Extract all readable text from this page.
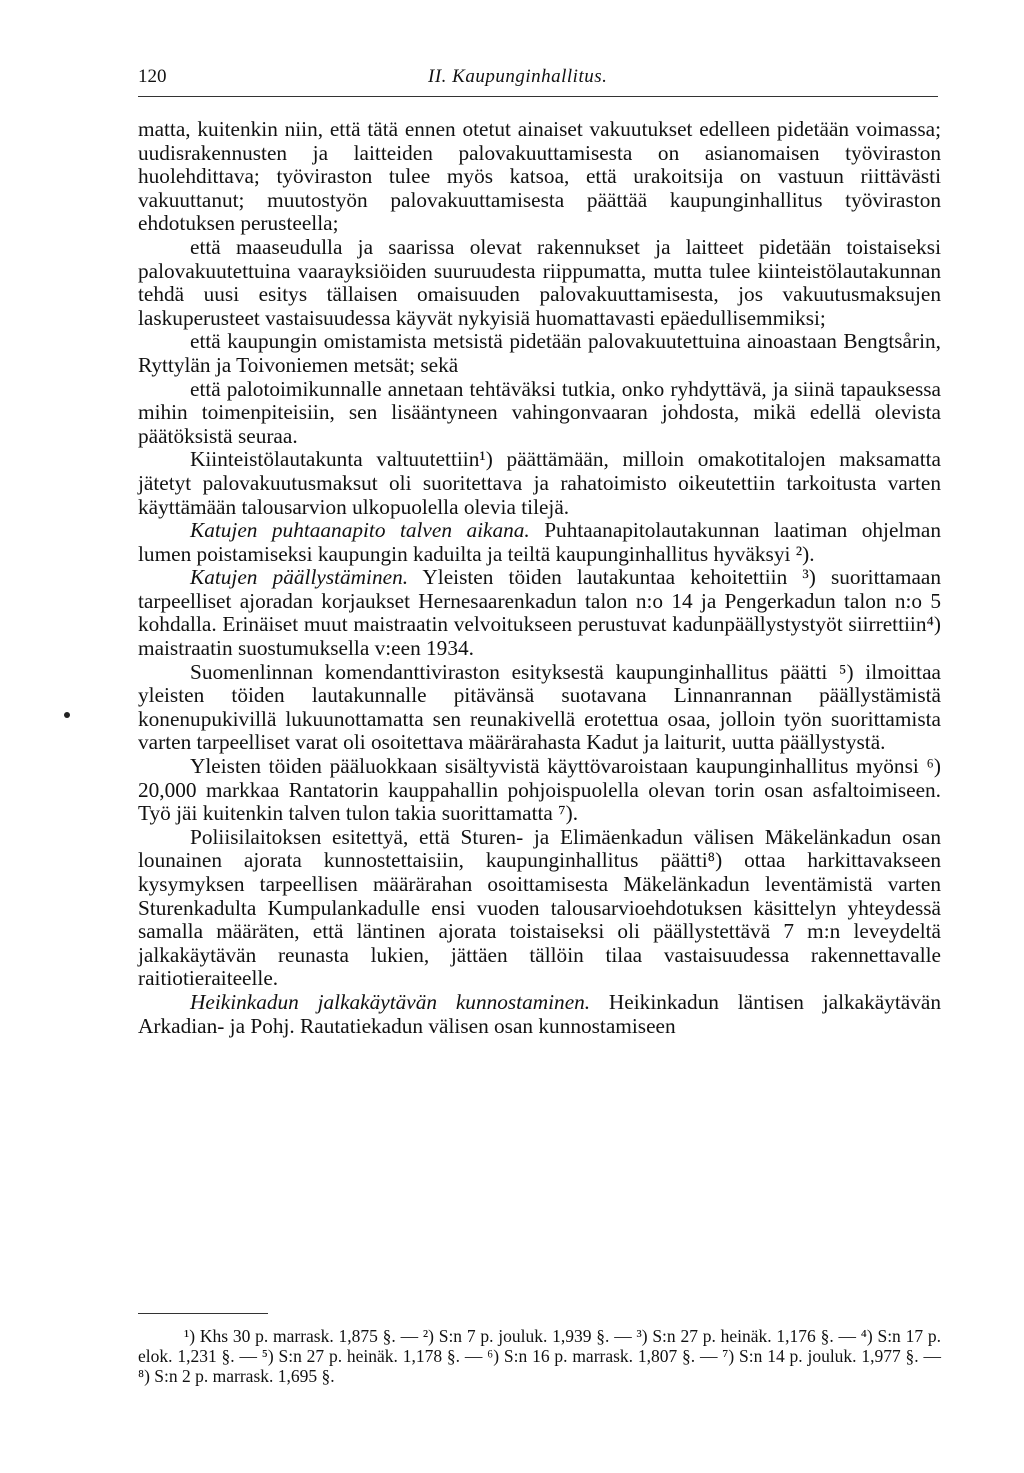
120	II. Kaupunginhallitus.

matta, kuitenkin niin, että tätä ennen otetut ainaiset vakuutukset edelleen pidetään voimassa; uudisrakennusten ja laitteiden palovakuuttamisesta on asianomaisen työviraston huolehdittava; työviraston tulee myös katsoa, että urakoitsija on vastuun riittävästi vakuuttanut; muutostyön palovakuuttamisesta päättää kaupunginhallitus työviraston ehdotuksen perusteella;

että maaseudulla ja saarissa olevat rakennukset ja laitteet pidetään toistaiseksi palovakuutettuina vaarayksiöiden suuruudesta riippumatta, mutta tulee kiinteistölautakunnan tehdä uusi esitys tällaisen omaisuuden palovakuuttamisesta, jos vakuutusmaksujen laskuperusteet vastaisuudessa käyvät nykyisiä huomattavasti epäedullisemmiksi;

että kaupungin omistamista metsistä pidetään palovakuutettuina ainoastaan Bengtsårin, Ryttylän ja Toivoniemen metsät; sekä

että palotoimikunnalle annetaan tehtäväksi tutkia, onko ryhdyttävä, ja siinä tapauksessa mihin toimenpiteisiin, sen lisääntyneen vahingonvaaran johdosta, mikä edellä olevista päätöksistä seuraa.

Kiinteistölautakunta valtuutettiin¹) päättämään, milloin omakotitalojen maksamatta jätetyt palovakuutusmaksut oli suoritettava ja rahatoimisto oikeutettiin tarkoitusta varten käyttämään talousarvion ulkopuolella olevia tilejä.

Katujen puhtaanapito talven aikana. Puhtaanapitolautakunnan laatiman ohjelman lumen poistamiseksi kaupungin kaduilta ja teiltä kaupunginhallitus hyväksyi ²).

Katujen päällystäminen. Yleisten töiden lautakuntaa kehoitettiin ³) suorittamaan tarpeelliset ajoradan korjaukset Hernesaarenkadun talon n:o 14 ja Pengerkadun talon n:o 5 kohdalla. Erinäiset muut maistraatin velvoitukseen perustuvat kadunpäällystystyöt siirrettiin⁴) maistraatin suostumuksella v:een 1934.

Suomenlinnan komendanttiviraston esityksestä kaupunginhallitus päätti ⁵) ilmoittaa yleisten töiden lautakunnalle pitävänsä suotavana Linnanrannan päällystämistä konenupukivillä lukuunottamatta sen reunakivellä erotettua osaa, jolloin työn suorittamista varten tarpeelliset varat oli osoitettava määrärahasta Kadut ja laiturit, uutta päällystystä.

Yleisten töiden pääluokkaan sisältyvistä käyttövaroistaan kaupunginhallitus myönsi ⁶) 20,000 markkaa Rantatorin kauppahallin pohjoispuolella olevan torin osan asfaltoimiseen. Työ jäi kuitenkin talven tulon takia suorittamatta ⁷).

Poliisilaitoksen esitettyä, että Sturen- ja Elimäenkadun välisen Mäkelänkadun osan lounainen ajorata kunnostettaisiin, kaupunginhallitus päätti⁸) ottaa harkittavakseen kysymyksen tarpeellisen määrärahan osoittamisesta Mäkelänkadun leventämistä varten Sturenkadulta Kumpulankadulle ensi vuoden talousarvioehdotuksen käsittelyn yhteydessä samalla määräten, että läntinen ajorata toistaiseksi oli päällystettävä 7 m:n leveydeltä jalkakäytävän reunasta lukien, jättäen tällöin tilaa vastaisuudessa rakennettavalle raitiotieraiteelle.

Heikinkadun jalkakäytävän kunnostaminen. Heikinkadun läntisen jalkakäytävän Arkadian- ja Pohj. Rautatiekadun välisen osan kunnostamiseen

¹) Khs 30 p. marrask. 1,875 §. — ²) S:n 7 p. jouluk. 1,939 §. — ³) S:n 27 p. heinäk. 1,176 §. — ⁴) S:n 17 p. elok. 1,231 §. — ⁵) S:n 27 p. heinäk. 1,178 §. — ⁶) S:n 16 p. marrask. 1,807 §. — ⁷) S:n 14 p. jouluk. 1,977 §. — ⁸) S:n 2 p. marrask. 1,695 §.
